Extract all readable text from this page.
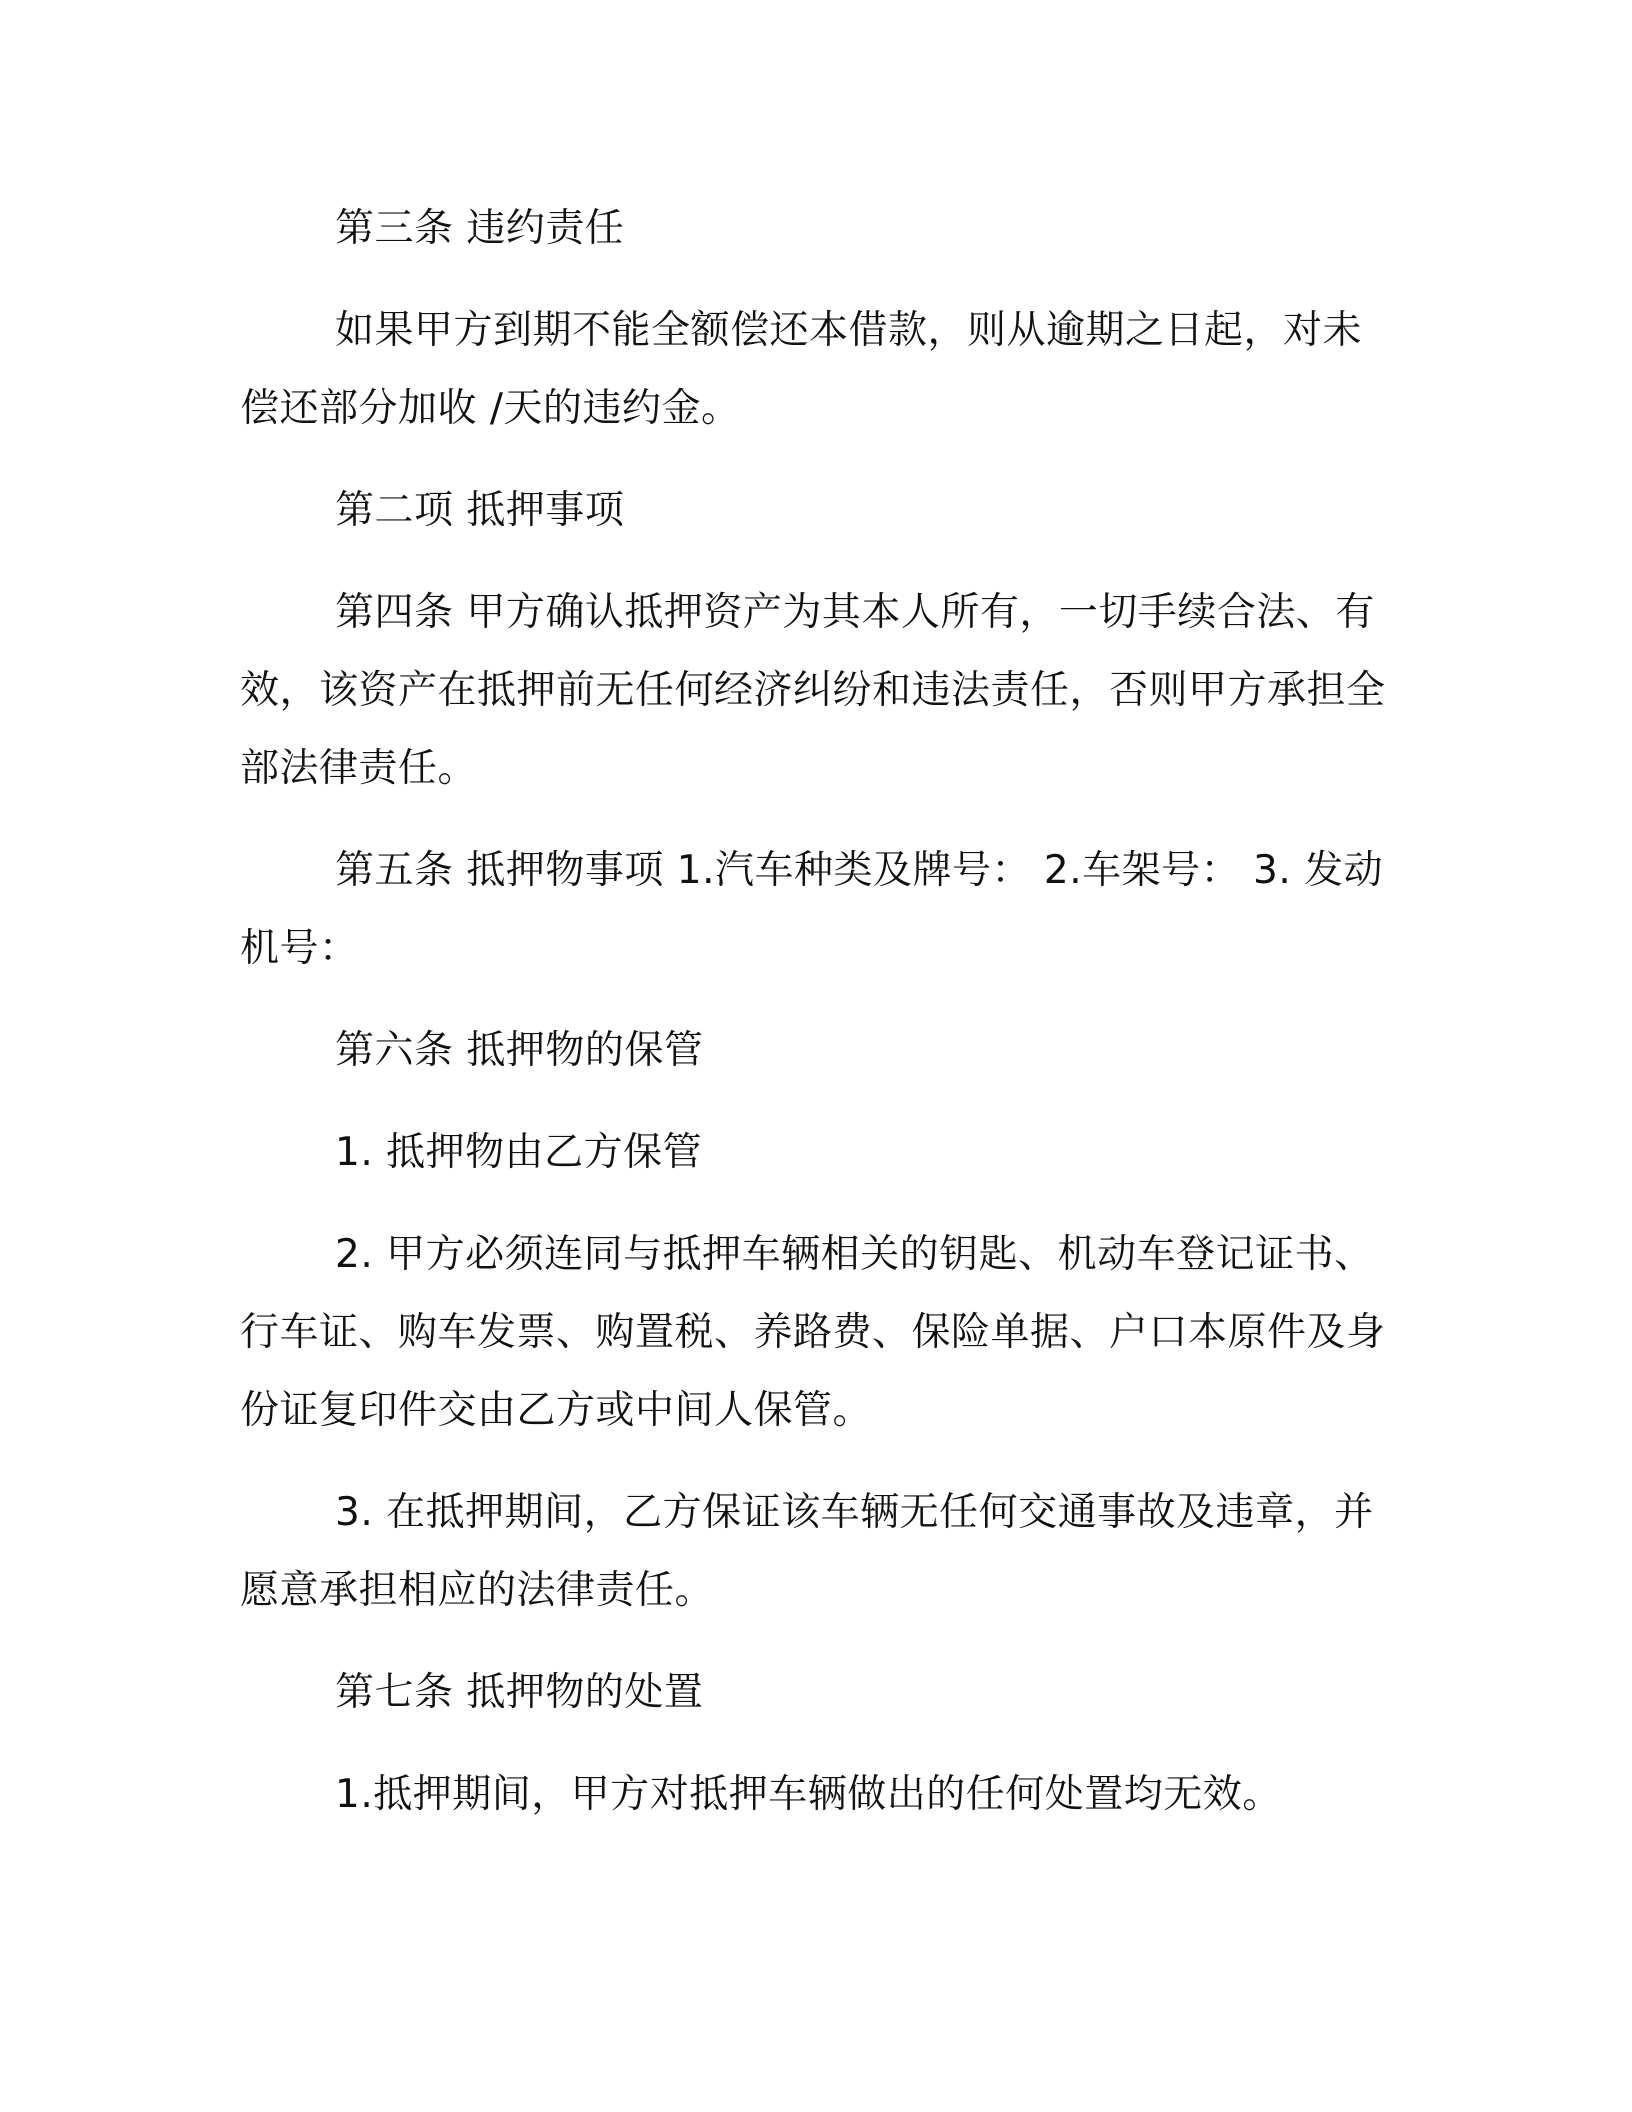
第三条 违约责任

如果甲方到期不能全额偿还本借款，则从逾期之日起，对未偿还部分加收 /天的违约金。

第二项 抵押事项

第四条 甲方确认抵押资产为其本人所有，一切手续合法、有效，该资产在抵押前无任何经济纠纷和违法责任，否则甲方承担全部法律责任。

第五条 抵押物事项 1.汽车种类及牌号： 2.车架号： 3. 发动机号：

第六条 抵押物的保管

1. 抵押物由乙方保管

2. 甲方必须连同与抵押车辆相关的钥匙、机动车登记证书、行车证、购车发票、购置税、养路费、保险单据、户口本原件及身份证复印件交由乙方或中间人保管。

3. 在抵押期间，乙方保证该车辆无任何交通事故及违章，并愿意承担相应的法律责任。

第七条 抵押物的处置

1.抵押期间，甲方对抵押车辆做出的任何处置均无效。
